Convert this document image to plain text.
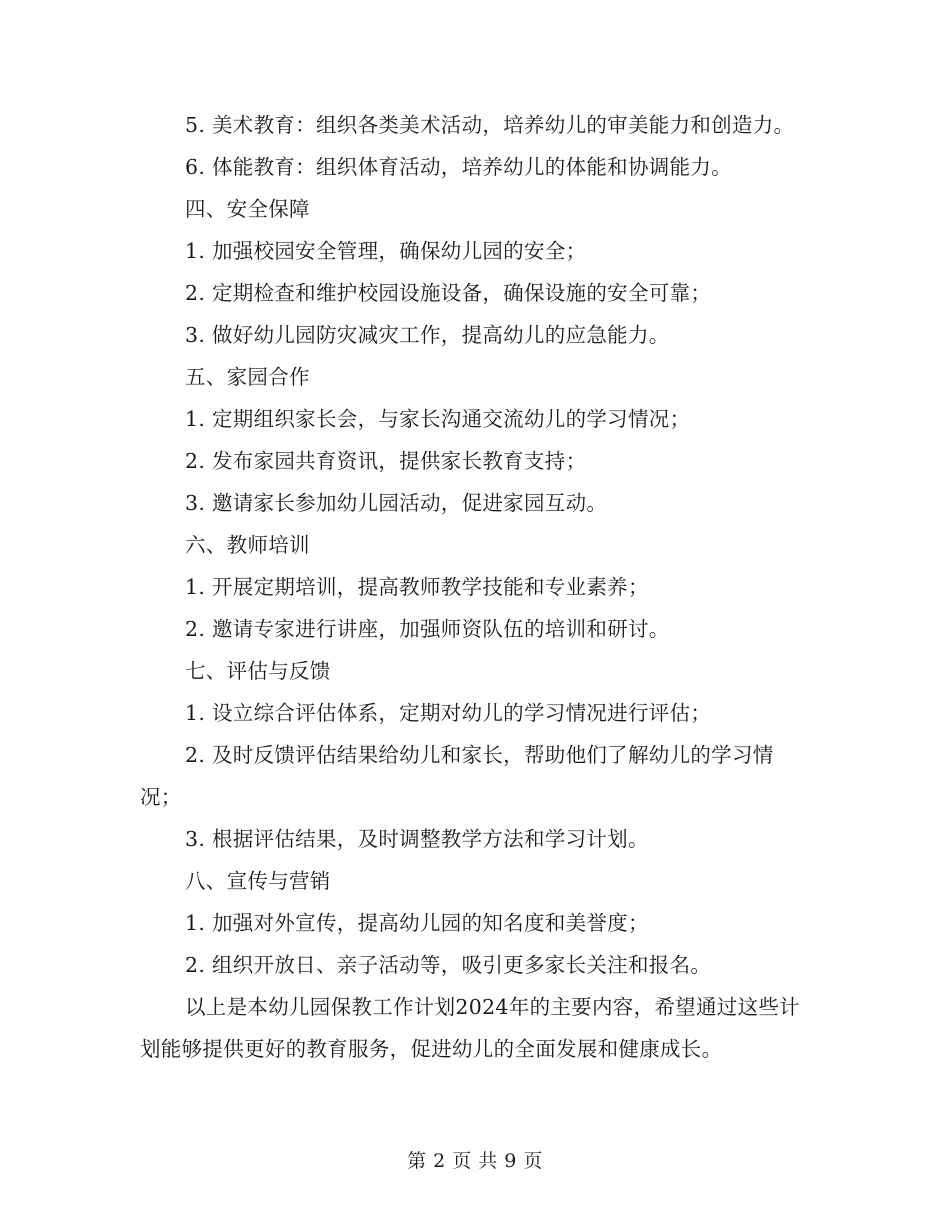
5. 美术教育：组织各类美术活动，培养幼儿的审美能力和创造力。

6. 体能教育：组织体育活动，培养幼儿的体能和协调能力。

四、安全保障

1. 加强校园安全管理，确保幼儿园的安全；

2. 定期检查和维护校园设施设备，确保设施的安全可靠；

3. 做好幼儿园防灾减灾工作，提高幼儿的应急能力。

五、家园合作

1. 定期组织家长会，与家长沟通交流幼儿的学习情况；

2. 发布家园共育资讯，提供家长教育支持；

3. 邀请家长参加幼儿园活动，促进家园互动。

六、教师培训

1. 开展定期培训，提高教师教学技能和专业素养；

2. 邀请专家进行讲座，加强师资队伍的培训和研讨。

七、评估与反馈

1. 设立综合评估体系，定期对幼儿的学习情况进行评估；

2. 及时反馈评估结果给幼儿和家长，帮助他们了解幼儿的学习情况；

3. 根据评估结果，及时调整教学方法和学习计划。

八、宣传与营销

1. 加强对外宣传，提高幼儿园的知名度和美誉度；

2. 组织开放日、亲子活动等，吸引更多家长关注和报名。

以上是本幼儿园保教工作计划2024年的主要内容，希望通过这些计划能够提供更好的教育服务，促进幼儿的全面发展和健康成长。

第 2 页 共 9 页
